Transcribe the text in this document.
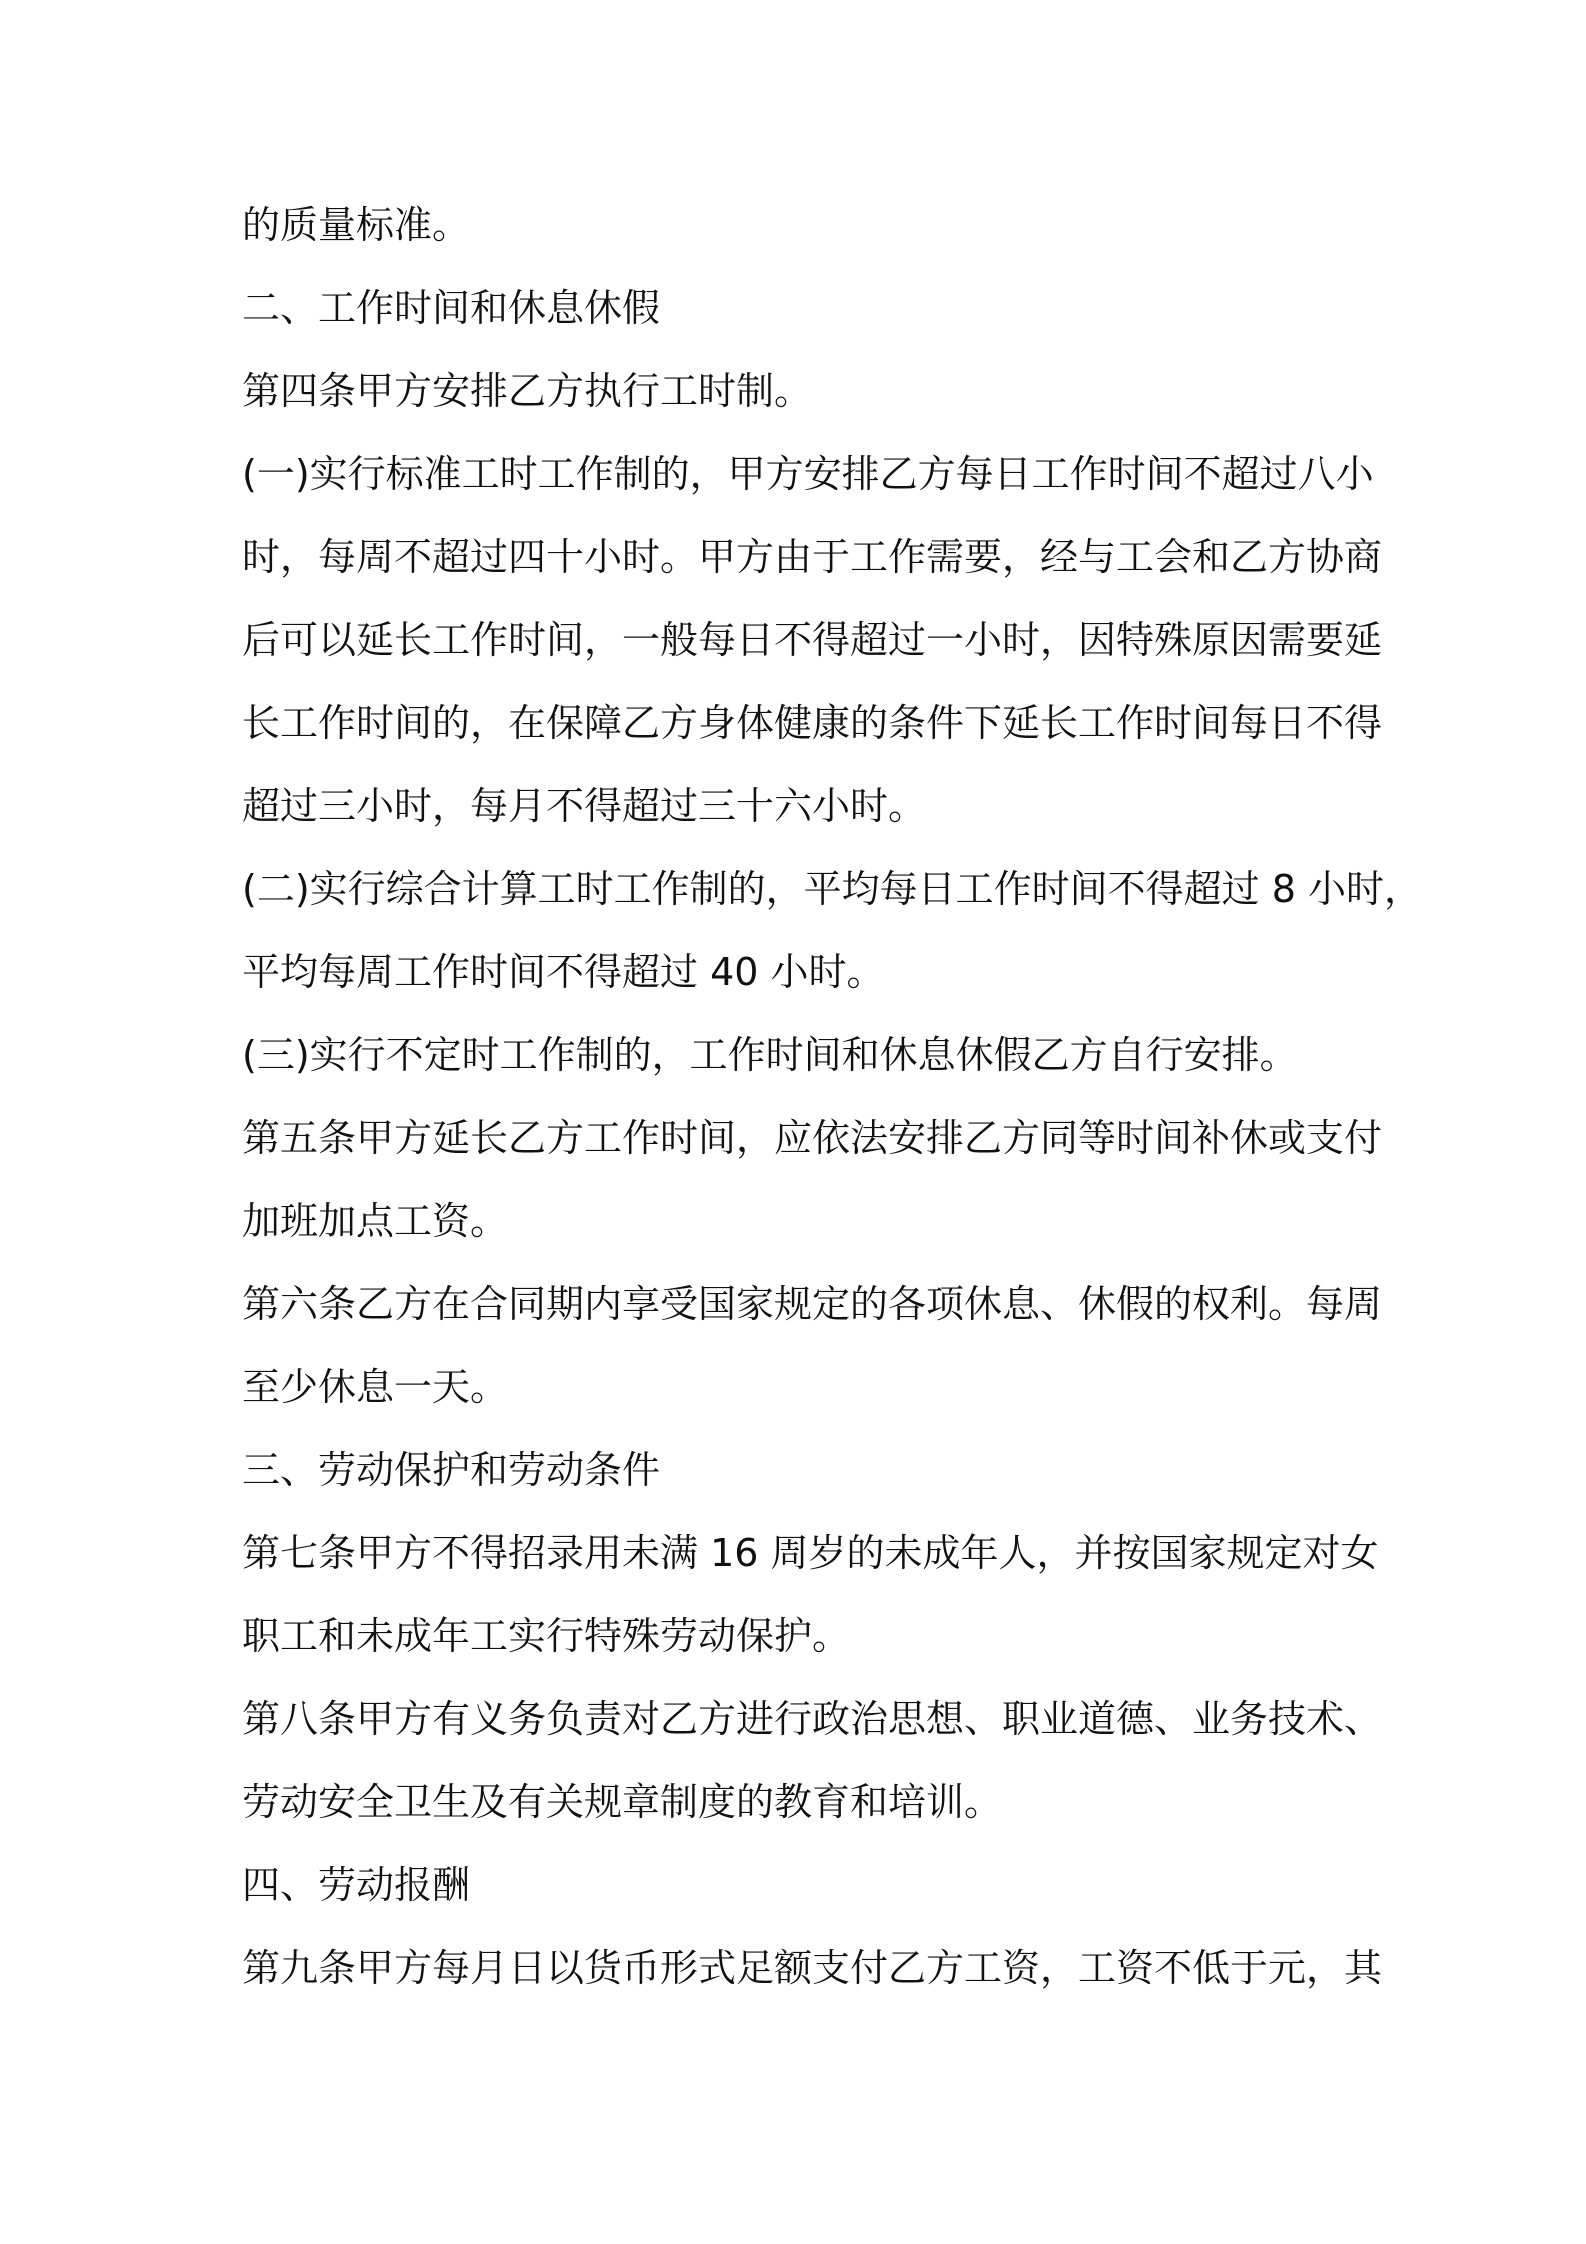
的质量标准。
二、工作时间和休息休假
第四条甲方安排乙方执行工时制。
(一)实行标准工时工作制的，甲方安排乙方每日工作时间不超过八小
时，每周不超过四十小时。甲方由于工作需要，经与工会和乙方协商
后可以延长工作时间，一般每日不得超过一小时，因特殊原因需要延
长工作时间的，在保障乙方身体健康的条件下延长工作时间每日不得
超过三小时，每月不得超过三十六小时。
(二)实行综合计算工时工作制的，平均每日工作时间不得超过 8 小时，
平均每周工作时间不得超过 40 小时。
(三)实行不定时工作制的，工作时间和休息休假乙方自行安排。
第五条甲方延长乙方工作时间，应依法安排乙方同等时间补休或支付
加班加点工资。
第六条乙方在合同期内享受国家规定的各项休息、休假的权利。每周
至少休息一天。
三、劳动保护和劳动条件
第七条甲方不得招录用未满 16 周岁的未成年人，并按国家规定对女
职工和未成年工实行特殊劳动保护。
第八条甲方有义务负责对乙方进行政治思想、职业道德、业务技术、
劳动安全卫生及有关规章制度的教育和培训。
四、劳动报酬
第九条甲方每月日以货币形式足额支付乙方工资，工资不低于元，其
